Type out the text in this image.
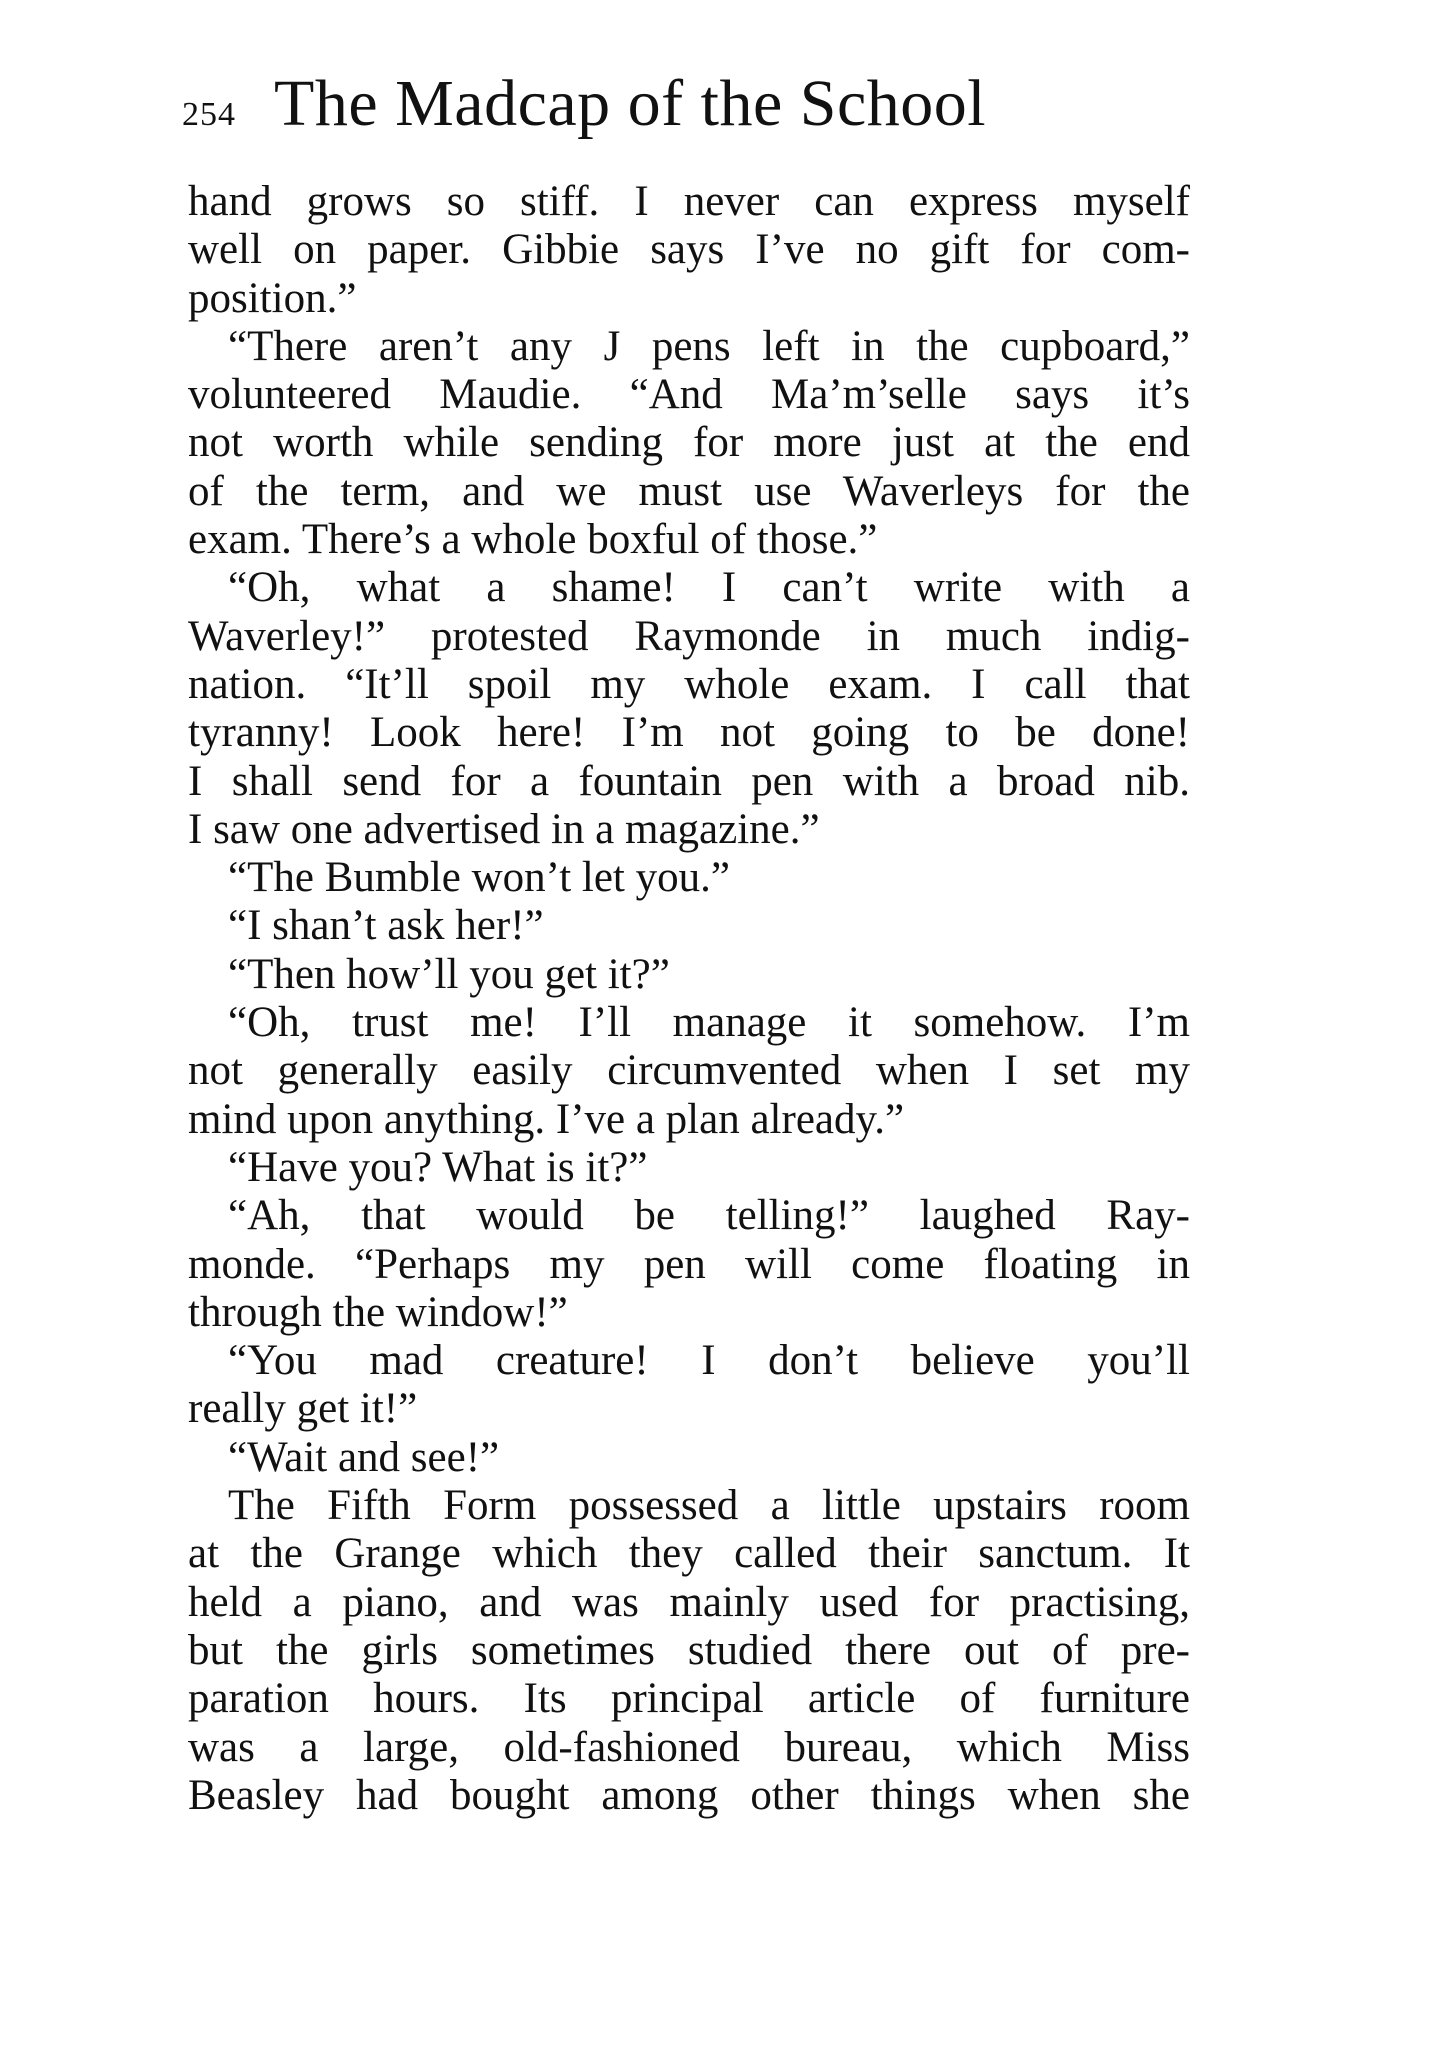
254 The Madcap of the School
hand grows so stiff. I never can express myself
well on paper. Gibbie says I’ve no gift for com-
position.”
“There aren’t any J pens left in the cupboard,”
volunteered Maudie. “And Ma’m’selle says it’s
not worth while sending for more just at the end
of the term, and we must use Waverleys for the
exam. There’s a whole boxful of those.”
“Oh, what a shame! I can’t write with a
Waverley!” protested Raymonde in much indig-
nation. “It’ll spoil my whole exam. I call that
tyranny! Look here! I’m not going to be done!
I shall send for a fountain pen with a broad nib.
I saw one advertised in a magazine.”
“The Bumble won’t let you.”
“I shan’t ask her!”
“Then how’ll you get it?”
“Oh, trust me! I’ll manage it somehow. I’m
not generally easily circumvented when I set my
mind upon anything. I’ve a plan already.”
“Have you? What is it?”
“Ah, that would be telling!” laughed Ray-
monde. “Perhaps my pen will come floating in
through the window!”
“You mad creature! I don’t believe you’ll
really get it!”
“Wait and see!”
The Fifth Form possessed a little upstairs room
at the Grange which they called their sanctum. It
held a piano, and was mainly used for practising,
but the girls sometimes studied there out of pre-
paration hours. Its principal article of furniture
was a large, old-fashioned bureau, which Miss
Beasley had bought among other things when she
